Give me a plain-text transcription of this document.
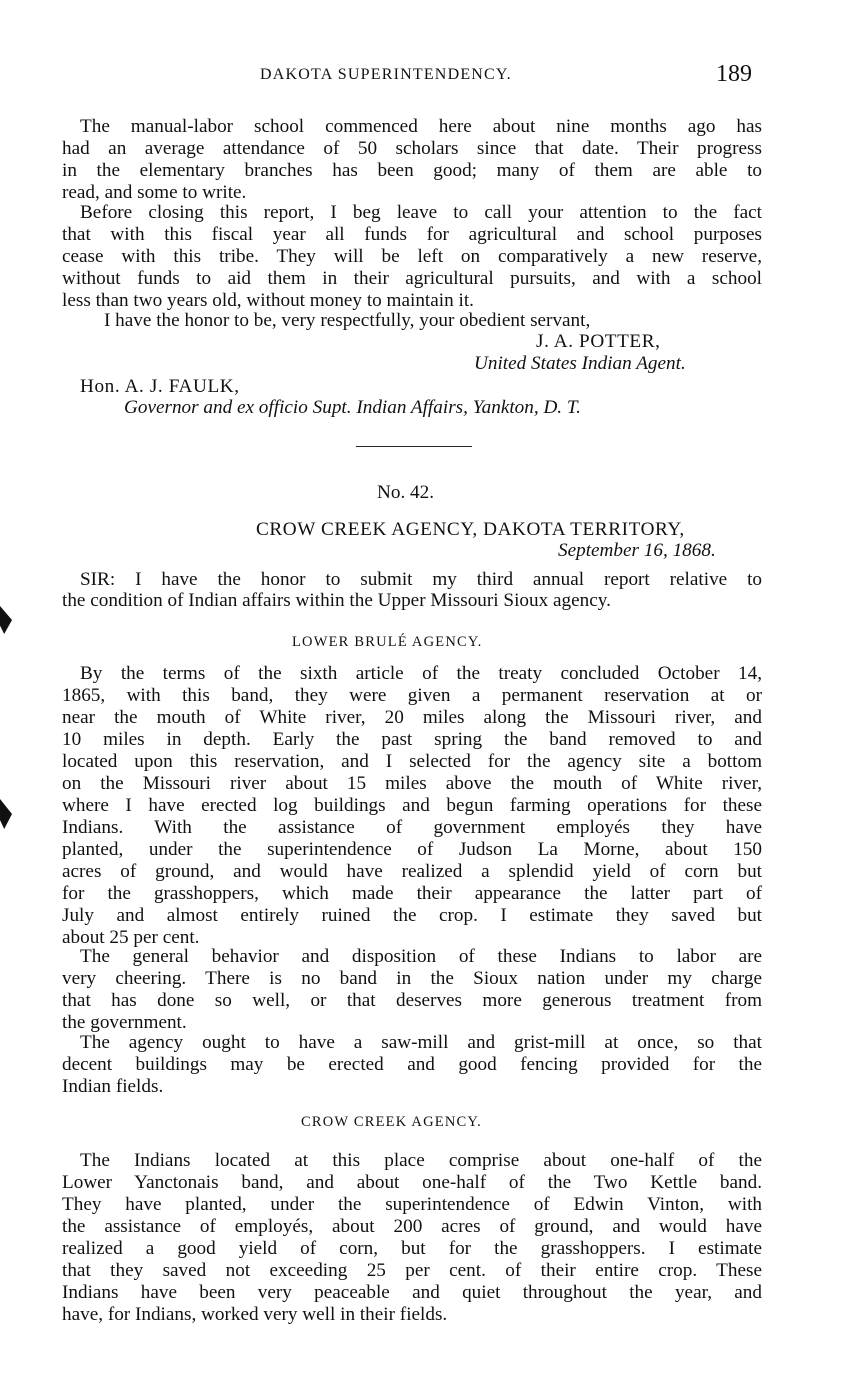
DAKOTA SUPERINTENDENCY.	189
The manual-labor school commenced here about nine months ago has
had an average attendance of 50 scholars since that date. Their progress
in the elementary branches has been good; many of them are able to
read, and some to write.
Before closing this report, I beg leave to call your attention to the fact
that with this fiscal year all funds for agricultural and school purposes
cease with this tribe. They will be left on comparatively a new reserve,
without funds to aid them in their agricultural pursuits, and with a school
less than two years old, without money to maintain it.
I have the honor to be, very respectfully, your obedient servant,
J. A. POTTER,
United States Indian Agent.
Hon. A. J. FAULK,
Governor and ex officio Supt. Indian Affairs, Yankton, D. T.
No. 42.
CROW CREEK AGENCY, DAKOTA TERRITORY,
September 16, 1868.
SIR: I have the honor to submit my third annual report relative to
the condition of Indian affairs within the Upper Missouri Sioux agency.
LOWER BRULÉ AGENCY.
By the terms of the sixth article of the treaty concluded October 14,
1865, with this band, they were given a permanent reservation at or
near the mouth of White river, 20 miles along the Missouri river, and
10 miles in depth. Early the past spring the band removed to and
located upon this reservation, and I selected for the agency site a bottom
on the Missouri river about 15 miles above the mouth of White river,
where I have erected log buildings and begun farming operations for these
Indians. With the assistance of government employés they have
planted, under the superintendence of Judson La Morne, about 150
acres of ground, and would have realized a splendid yield of corn but
for the grasshoppers, which made their appearance the latter part of
July and almost entirely ruined the crop. I estimate they saved but
about 25 per cent.
The general behavior and disposition of these Indians to labor are
very cheering. There is no band in the Sioux nation under my charge
that has done so well, or that deserves more generous treatment from
the government.
The agency ought to have a saw-mill and grist-mill at once, so that
decent buildings may be erected and good fencing provided for the
Indian fields.
CROW CREEK AGENCY.
The Indians located at this place comprise about one-half of the
Lower Yanctonais band, and about one-half of the Two Kettle band.
They have planted, under the superintendence of Edwin Vinton, with
the assistance of employés, about 200 acres of ground, and would have
realized a good yield of corn, but for the grasshoppers. I estimate
that they saved not exceeding 25 per cent. of their entire crop. These
Indians have been very peaceable and quiet throughout the year, and
have, for Indians, worked very well in their fields.
